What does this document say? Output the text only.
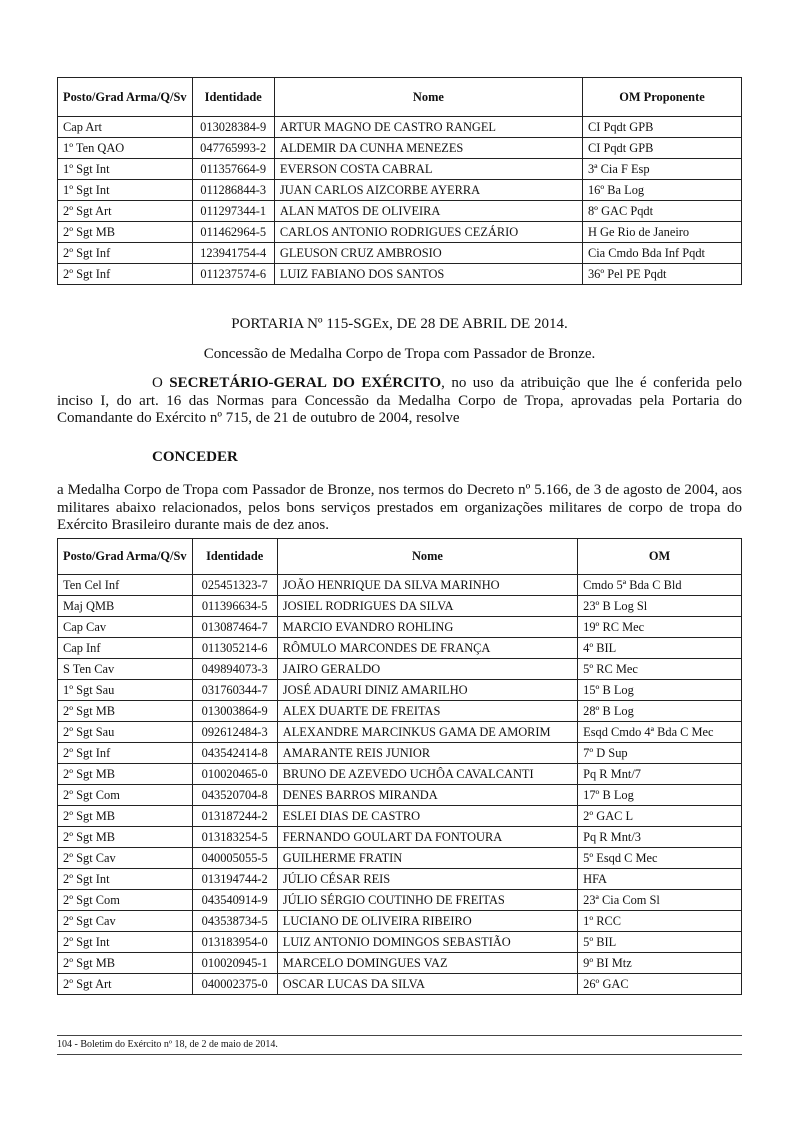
Posto/Grad Arma/Q/Sv	Identidade	Nome	OM Proponente
Cap Art	013028384-9	ARTUR MAGNO DE CASTRO RANGEL	CI Pqdt GPB
1º Ten QAO	047765993-2	ALDEMIR DA CUNHA MENEZES	CI Pqdt GPB
1º Sgt Int	011357664-9	EVERSON COSTA CABRAL	3ª Cia F Esp
1º Sgt Int	011286844-3	JUAN CARLOS AIZCORBE AYERRA	16º Ba Log
2º Sgt Art	011297344-1	ALAN MATOS DE OLIVEIRA	8º GAC Pqdt
2º Sgt MB	011462964-5	CARLOS ANTONIO RODRIGUES CEZÁRIO	H Ge Rio de Janeiro
2º Sgt Inf	123941754-4	GLEUSON CRUZ AMBROSIO	Cia Cmdo Bda Inf Pqdt
2º Sgt Inf	011237574-6	LUIZ FABIANO DOS SANTOS	36º Pel PE Pqdt
PORTARIA Nº 115-SGEx, DE 28 DE ABRIL DE 2014.
Concessão de Medalha Corpo de Tropa com Passador de Bronze.
O SECRETÁRIO-GERAL DO EXÉRCITO, no uso da atribuição que lhe é conferida pelo inciso I, do art. 16 das Normas para Concessão da Medalha Corpo de Tropa, aprovadas pela Portaria do Comandante do Exército nº 715, de 21 de outubro de 2004, resolve
CONCEDER
a Medalha Corpo de Tropa com Passador de Bronze, nos termos do Decreto nº 5.166, de 3 de agosto de 2004, aos militares abaixo relacionados, pelos bons serviços prestados em organizações militares de corpo de tropa do Exército Brasileiro durante mais de dez anos.
Posto/Grad Arma/Q/Sv	Identidade	Nome	OM
Ten Cel Inf	025451323-7	JOÃO HENRIQUE DA SILVA MARINHO	Cmdo 5ª Bda C Bld
Maj QMB	011396634-5	JOSIEL RODRIGUES DA SILVA	23º B Log Sl
Cap Cav	013087464-7	MARCIO EVANDRO ROHLING	19º RC Mec
Cap Inf	011305214-6	RÔMULO MARCONDES DE FRANÇA	4º BIL
S Ten Cav	049894073-3	JAIRO GERALDO	5º RC Mec
1º Sgt Sau	031760344-7	JOSÉ ADAURI DINIZ AMARILHO	15º B Log
2º Sgt MB	013003864-9	ALEX DUARTE DE FREITAS	28º B Log
2º Sgt Sau	092612484-3	ALEXANDRE MARCINKUS GAMA DE AMORIM	Esqd Cmdo 4ª Bda C Mec
2º Sgt Inf	043542414-8	AMARANTE REIS JUNIOR	7º D Sup
2º Sgt MB	010020465-0	BRUNO DE AZEVEDO UCHÔA CAVALCANTI	Pq R Mnt/7
2º Sgt Com	043520704-8	DENES BARROS MIRANDA	17º B Log
2º Sgt MB	013187244-2	ESLEI DIAS DE CASTRO	2º GAC L
2º Sgt MB	013183254-5	FERNANDO GOULART DA FONTOURA	Pq R Mnt/3
2º Sgt Cav	040005055-5	GUILHERME FRATIN	5º Esqd C Mec
2º Sgt Int	013194744-2	JÚLIO CÉSAR REIS	HFA
2º Sgt Com	043540914-9	JÚLIO SÉRGIO COUTINHO DE FREITAS	23ª Cia Com Sl
2º Sgt Cav	043538734-5	LUCIANO DE OLIVEIRA RIBEIRO	1º RCC
2º Sgt Int	013183954-0	LUIZ ANTONIO DOMINGOS SEBASTIÃO	5º BIL
2º Sgt MB	010020945-1	MARCELO DOMINGUES VAZ	9º BI Mtz
2º Sgt Art	040002375-0	OSCAR LUCAS DA SILVA	26º GAC
104 - Boletim do Exército nº 18, de 2 de maio de 2014.
